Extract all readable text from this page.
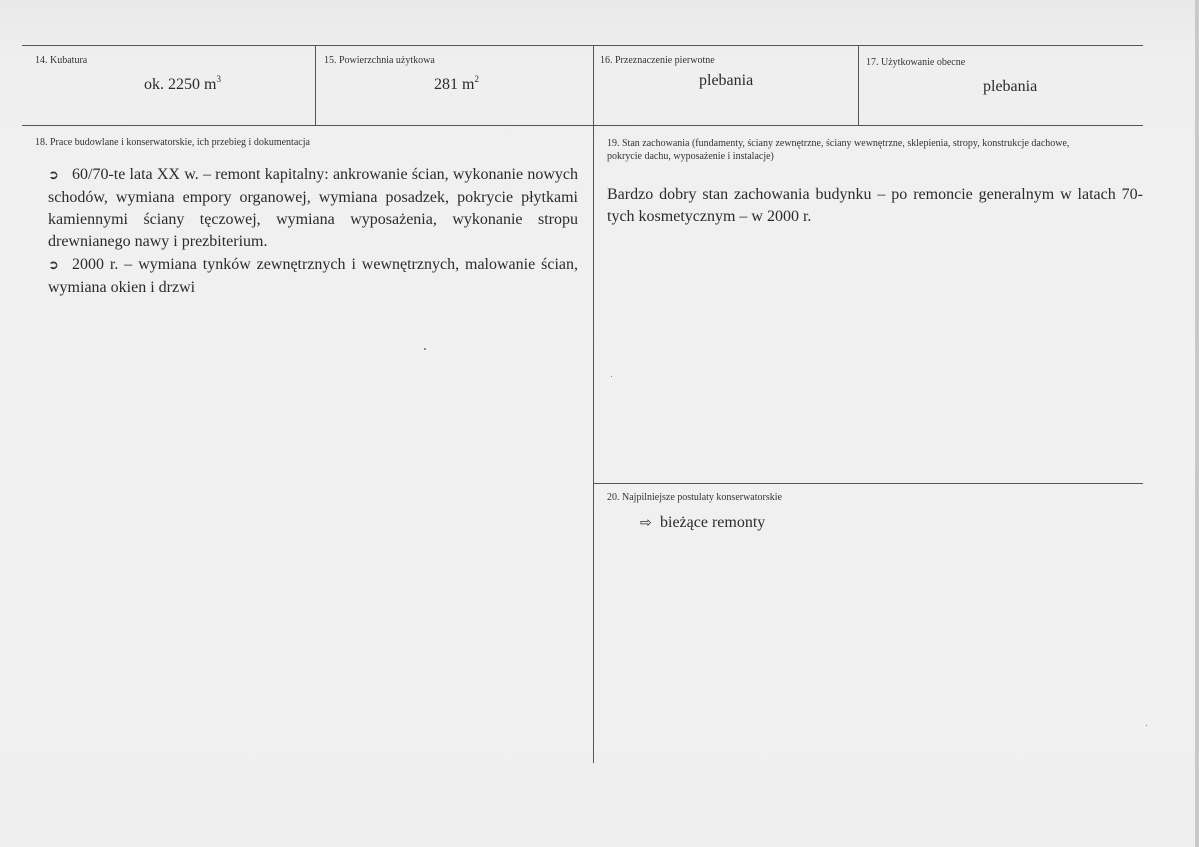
14. Kubatura
ok. 2250 $m^3$
15. Powierzchnia użytkowa
281 $m^2$
16. Przeznaczenie pierwotne
plebania
17. Użytkowanie obecne
plebania
18. Prace budowlane i konserwatorskie, ich przebieg i dokumentacja
➲ 60/70-te lata XX w. – remont kapitalny: ankrowanie ścian, wykonanie nowych schodów, wymiana empory organowej, wymiana posadzek, pokrycie płytkami kamiennymi ściany tęczowej, wymiana wyposażenia, wykonanie stropu drewnianego nawy i prezbiterium.
➲ 2000 r. – wymiana tynków zewnętrznych i wewnętrznych, malowanie ścian, wymiana okien i drzwi
19. Stan zachowania (fundamenty, ściany zewnętrzne, ściany wewnętrzne, sklepienia, stropy, konstrukcje dachowe,
pokrycie dachu, wyposażenie i instalacje)
Bardzo dobry stan zachowania budynku – po remoncie generalnym w latach 70-tych kosmetycznym – w 2000 r.
20. Najpilniejsze postulaty konserwatorskie
⇨ bieżące remonty
